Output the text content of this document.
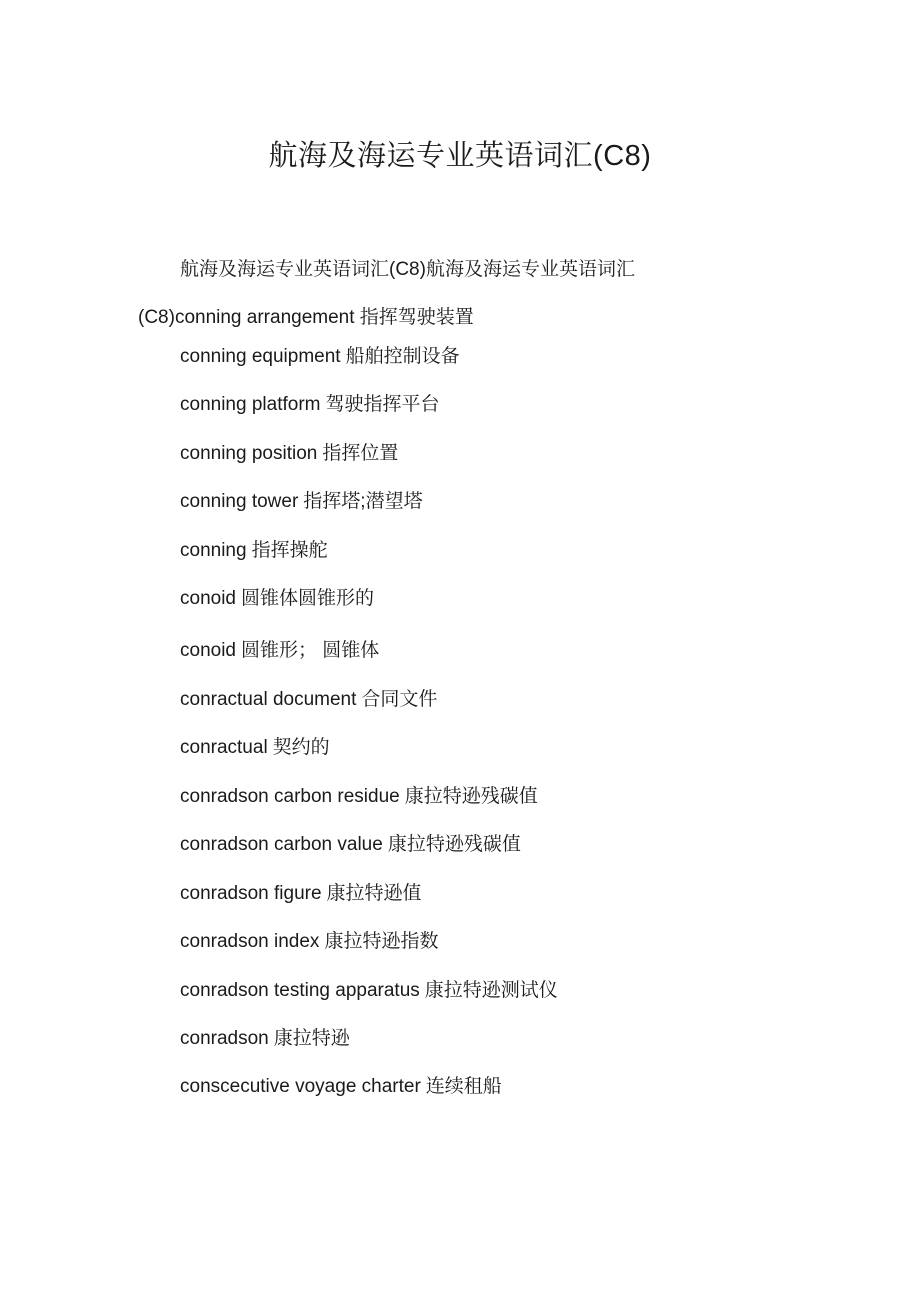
航海及海运专业英语词汇(C8)

航海及海运专业英语词汇(C8)航海及海运专业英语词汇
(C8)conning arrangement 指挥驾驶装置

conning equipment 船舶控制设备
conning platform 驾驶指挥平台
conning position 指挥位置
conning tower 指挥塔;潜望塔
conning 指挥操舵
conoid 圆锥体圆锥形的
conoid 圆锥形； 圆锥体
conractual document 合同文件
conractual 契约的
conradson carbon residue 康拉特逊残碳值
conradson carbon value 康拉特逊残碳值
conradson figure 康拉特逊值
conradson index 康拉特逊指数
conradson testing apparatus 康拉特逊测试仪
conradson 康拉特逊
conscecutive voyage charter 连续租船
